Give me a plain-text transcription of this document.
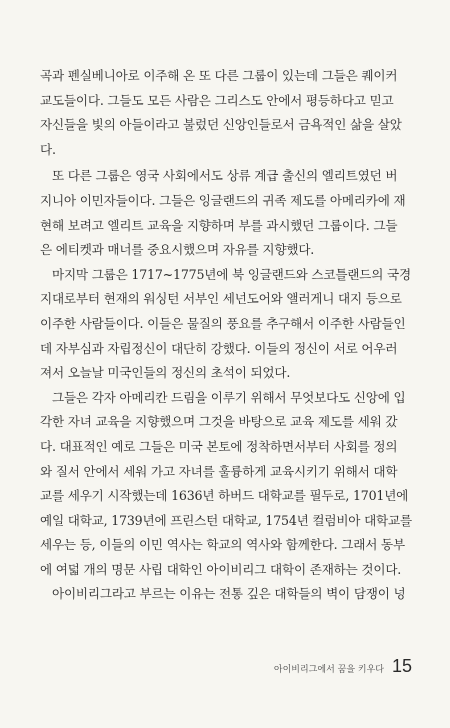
곡과 펜실베니아로 이주해 온 또 다른 그룹이 있는데 그들은 퀘이커
교도들이다. 그들도 모든 사람은 그리스도 안에서 평등하다고 믿고
자신들을 빛의 아들이라고 불렀던 신앙인들로서 금욕적인 삶을 살았
다.
또 다른 그룹은 영국 사회에서도 상류 계급 출신의 엘리트였던 버
지니아 이민자들이다. 그들은 잉글랜드의 귀족 제도를 아메리카에 재
현해 보려고 엘리트 교육을 지향하며 부를 과시했던 그룹이다. 그들
은 에티켓과 매너를 중요시했으며 자유를 지향했다.
마지막 그룹은 1717~1775년에 북 잉글랜드와 스코틀랜드의 국경
지대로부터 현재의 워싱턴 서부인 세넌도어와 앨러게니 대지 등으로
이주한 사람들이다. 이들은 물질의 풍요를 추구해서 이주한 사람들인
데 자부심과 자립정신이 대단히 강했다. 이들의 정신이 서로 어우러
져서 오늘날 미국인들의 정신의 초석이 되었다.
그들은 각자 아메리칸 드림을 이루기 위해서 무엇보다도 신앙에 입
각한 자녀 교육을 지향했으며 그것을 바탕으로 교육 제도를 세워 갔
다. 대표적인 예로 그들은 미국 본토에 정착하면서부터 사회를 정의
와 질서 안에서 세워 가고 자녀를 훌륭하게 교육시키기 위해서 대학
교를 세우기 시작했는데 1636년 하버드 대학교를 필두로, 1701년에
예일 대학교, 1739년에 프린스턴 대학교, 1754년 컬럼비아 대학교를
세우는 등, 이들의 이민 역사는 학교의 역사와 함께한다. 그래서 동부
에 여덟 개의 명문 사립 대학인 아이비리그 대학이 존재하는 것이다.
아이비리그라고 부르는 이유는 전통 깊은 대학들의 벽이 담쟁이 넝
아이비리그에서 꿈을 키우다 15
